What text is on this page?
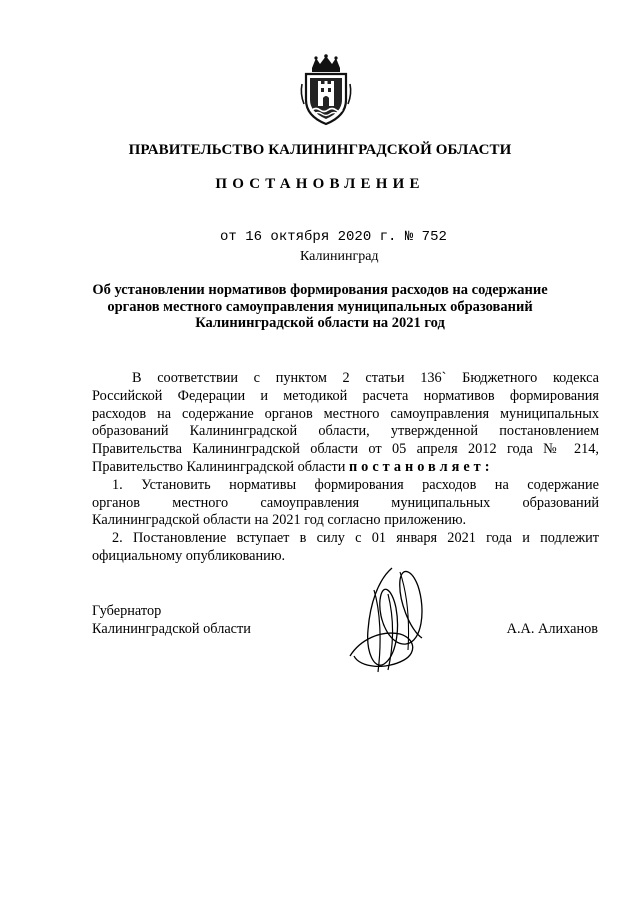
ПРАВИТЕЛЬСТВО КАЛИНИНГРАДСКОЙ ОБЛАСТИ
ПОСТАНОВЛЕНИЕ
от 16 октября 2020 г. № 752
Калининград
Об установлении нормативов формирования расходов на содержание
органов местного самоуправления муниципальных образований
Калининградской области на 2021 год
В соответствии с пунктом 2 статьи 136` Бюджетного кодекса
Российской Федерации и методикой расчета нормативов формирования
расходов на содержание органов местного самоуправления муниципальных
образований Калининградской области, утвержденной постановлением
Правительства Калининградской области от 05 апреля 2012 года № 214,
Правительство Калининградской области постановляет:
1. Установить нормативы формирования расходов на содержание
органов местного самоуправления муниципальных образований
Калининградской области на 2021 год согласно приложению.
2. Постановление вступает в силу с 01 января 2021 года и подлежит
официальному опубликованию.
Губернатор
Калининградской области	А.А. Алиханов
